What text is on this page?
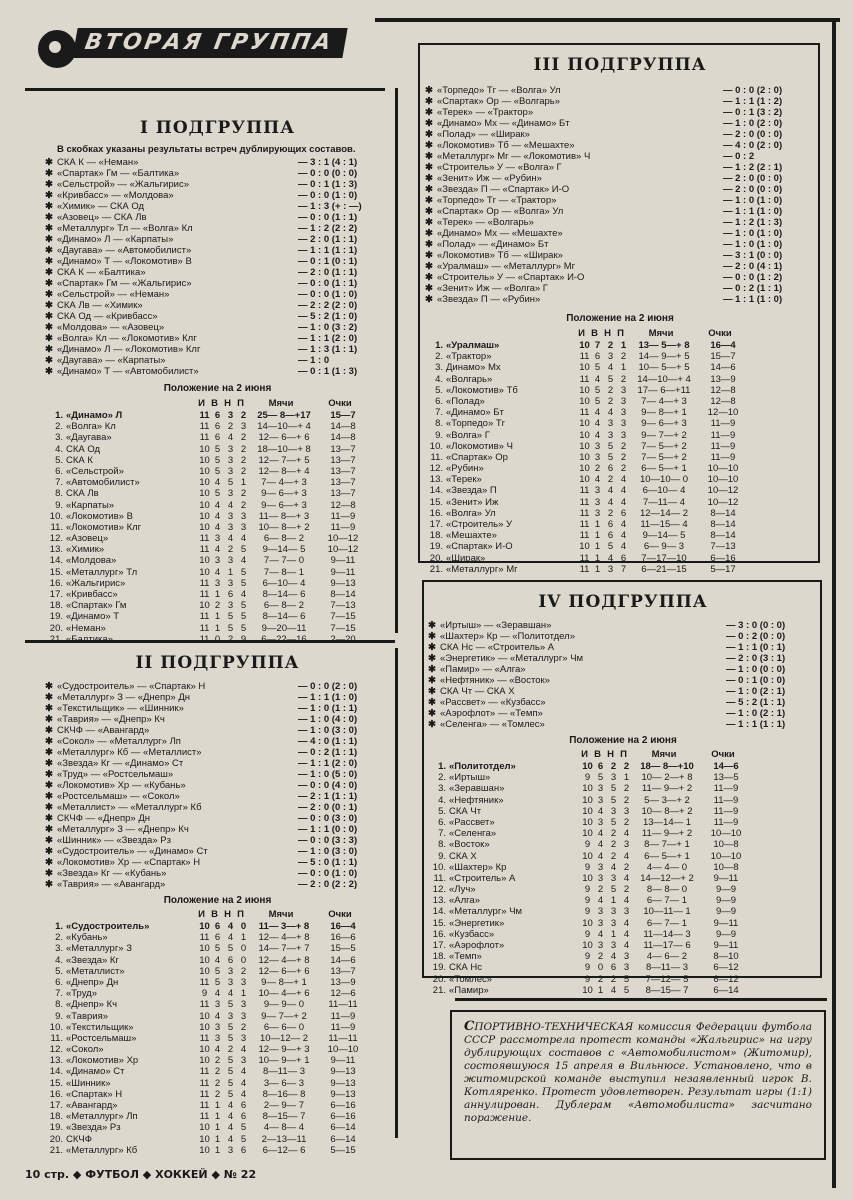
ВТОРАЯ ГРУППА
I ПОДГРУППА
В скобках указаны результаты встреч дублирующих составов.
✱ СКА К — «Неман»	— 3 : 1 (4 : 1)
✱ «Спартак» Гм — «Балтика»	— 0 : 0 (0 : 0)
✱ «Сельстрой» — «Жальгирис»	— 0 : 1 (1 : 3)
✱ «Кривбасс» — «Молдова»	— 0 : 0 (1 : 0)
✱ «Химик» — СКА Од	— 1 : 3 (+ : —)
✱ «Азовец» — СКА Лв	— 0 : 0 (1 : 1)
✱ «Металлург» Тл — «Волга» Кл	— 1 : 2 (2 : 2)
✱ «Динамо» Л — «Карпаты»	— 2 : 0 (1 : 1)
✱ «Даугава» — «Автомобилист»	— 1 : 1 (1 : 1)
✱ «Динамо» Т — «Локомотив» В	— 0 : 1 (0 : 1)
✱ СКА К — «Балтика»	— 2 : 0 (1 : 1)
✱ «Спартак» Гм — «Жальгирис»	— 0 : 0 (1 : 1)
✱ «Сельстрой» — «Неман»	— 0 : 0 (1 : 0)
✱ СКА Лв — «Химик»	— 2 : 2 (2 : 0)
✱ СКА Од — «Кривбасс»	— 5 : 2 (1 : 0)
✱ «Молдова» — «Азовец»	— 1 : 0 (3 : 2)
✱ «Волга» Кл — «Локомотив» Клг	— 1 : 1 (2 : 0)
✱ «Динамо» Л — «Локомотив» Клг	— 1 : 3 (1 : 1)
✱ «Даугава» — «Карпаты»	— 1 : 0
✱ «Динамо» Т — «Автомобилист»	— 0 : 1 (1 : 3)
Положение на 2 июня
И В Н П	Мячи	Очки
1. «Динамо» Л	11 6 3 2	25— 8—+17	15—7
2. «Волга» Кл	11 6 2 3	14—10—+ 4	14—8
3. «Даугава»	11 6 4 2	12— 6—+ 6	14—8
4. СКА Од	10 5 3 2	18—10—+ 8	13—7
5. СКА К	10 5 3 2	12— 7—+ 5	13—7
6. «Сельстрой»	10 5 3 2	12— 8—+ 4	13—7
7. «Автомобилист»	10 4 5 1	7— 4—+ 3	13—7
8. СКА Лв	10 5 3 2	9— 6—+ 3	13—7
9. «Карпаты»	10 4 4 2	9— 6—+ 3	12—8
10. «Локомотив» В	10 4 3 3	11— 8—+ 3	11—9
11. «Локомотив» Клг	10 4 3 3	10— 8—+ 2	11—9
12. «Азовец»	11 3 4 4	6— 8— 2	10—12
13. «Химик»	11 4 2 5	9—14— 5	10—12
14. «Молдова»	10 3 3 4	7— 7— 0	9—11
15. «Металлург» Тл	10 4 1 5	7— 8— 1	9—11
16. «Жальгирис»	11 3 3 5	6—10— 4	9—13
17. «Кривбасс»	11 1 6 4	8—14— 6	8—14
18. «Спартак» Гм	10 2 3 5	6— 8— 2	7—13
19. «Динамо» Т	11 1 5 5	8—14— 6	7—15
20. «Неман»	11 1 5 5	9—20—11	7—15
21. «Балтика»	11 0 2 9	6—22—16	2—20
II ПОДГРУППА
✱ «Судостроитель» — «Спартак» Н	— 0 : 0 (2 : 0)
✱ «Металлург» З — «Днепр» Дн	— 1 : 1 (1 : 0)
✱ «Текстильщик» — «Шинник»	— 1 : 0 (1 : 1)
✱ «Таврия» — «Днепр» Кч	— 1 : 0 (4 : 0)
✱ СКЧФ — «Авангард»	— 1 : 0 (3 : 0)
✱ «Сокол» — «Металлург» Лп	— 4 : 0 (1 : 1)
✱ «Металлург» Кб — «Металлист»	— 0 : 2 (1 : 1)
✱ «Звезда» Кг — «Динамо» Ст	— 1 : 1 (2 : 0)
✱ «Труд» — «Ростсельмаш»	— 1 : 0 (5 : 0)
✱ «Локомотив» Хр — «Кубань»	— 0 : 0 (4 : 0)
✱ «Ростсельмаш» — «Сокол»	— 2 : 1 (1 : 1)
✱ «Металлист» — «Металлург» Кб	— 2 : 0 (0 : 1)
✱ СКЧФ — «Днепр» Дн	— 0 : 0 (3 : 0)
✱ «Металлург» З — «Днепр» Кч	— 1 : 1 (0 : 0)
✱ «Шинник» — «Звезда» Рз	— 0 : 0 (3 : 3)
✱ «Судостроитель» — «Динамо» Ст	— 1 : 0 (3 : 0)
✱ «Локомотив» Хр — «Спартак» Н	— 5 : 0 (1 : 1)
✱ «Звезда» Кг — «Кубань»	— 0 : 0 (1 : 0)
✱ «Таврия» — «Авангард»	— 2 : 0 (2 : 2)
Положение на 2 июня
И В Н П	Мячи	Очки
1. «Судостроитель»	10 6 4 0	11— 3—+ 8	16—4
2. «Кубань»	11 6 4 1	12— 4—+ 8	16—6
3. «Металлург» З	10 5 5 0	14— 7—+ 7	15—5
4. «Звезда» Кг	10 4 6 0	12— 4—+ 8	14—6
5. «Металлист»	10 5 3 2	12— 6—+ 6	13—7
6. «Днепр» Дн	11 5 3 3	9— 8—+ 1	13—9
7. «Труд»	9 4 4 1	10— 4—+ 6	12—6
8. «Днепр» Кч	11 3 5 3	9— 9— 0	11—11
9. «Таврия»	10 4 3 3	9— 7—+ 2	11—9
10. «Текстильщик»	10 3 5 2	6— 6— 0	11—9
11. «Ростсельмаш»	11 3 5 3	10—12— 2	11—11
12. «Сокол»	10 4 2 4	12— 9—+ 3	10—10
13. «Локомотив» Хр	10 2 5 3	10— 9—+ 1	9—11
14. «Динамо» Ст	11 2 5 4	8—11— 3	9—13
15. «Шинник»	11 2 5 4	3— 6— 3	9—13
16. «Спартак» Н	11 2 5 4	8—16— 8	9—13
17. «Авангард»	11 1 4 6	2— 9— 7	6—16
18. «Металлург» Лп	11 1 4 6	8—15— 7	6—16
19. «Звезда» Рз	10 1 4 5	4— 8— 4	6—14
20. СКЧФ	10 1 4 5	2—13—11	6—14
21. «Металлург» Кб	10 1 3 6	6—12— 6	5—15
III ПОДГРУППА
✱ «Торпедо» Тг — «Волга» Ул	— 0 : 0 (2 : 0)
✱ «Спартак» Ор — «Волгарь»	— 1 : 1 (1 : 2)
✱ «Терек» — «Трактор»	— 0 : 1 (3 : 2)
✱ «Динамо» Мх — «Динамо» Бт	— 1 : 0 (2 : 0)
✱ «Полад» — «Ширак»	— 2 : 0 (0 : 0)
✱ «Локомотив» Тб — «Мешахте»	— 4 : 0 (2 : 0)
✱ «Металлург» Мг — «Локомотив» Ч	— 0 : 2
✱ «Строитель» У — «Волга» Г	— 1 : 2 (2 : 1)
✱ «Зенит» Иж — «Рубин»	— 2 : 0 (0 : 0)
✱ «Звезда» П — «Спартак» И-О	— 2 : 0 (0 : 0)
✱ «Торпедо» Тг — «Трактор»	— 1 : 0 (1 : 0)
✱ «Спартак» Ор — «Волга» Ул	— 1 : 1 (1 : 0)
✱ «Терек» — «Волгарь»	— 1 : 2 (1 : 3)
✱ «Динамо» Мх — «Мешахте»	— 1 : 0 (1 : 0)
✱ «Полад» — «Динамо» Бт	— 1 : 0 (1 : 0)
✱ «Локомотив» Тб — «Ширак»	— 3 : 1 (0 : 0)
✱ «Уралмаш» — «Металлург» Мг	— 2 : 0 (4 : 1)
✱ «Строитель» У — «Спартак» И-О	— 0 : 0 (1 : 2)
✱ «Зенит» Иж — «Волга» Г	— 0 : 2 (1 : 1)
✱ «Звезда» П — «Рубин»	— 1 : 1 (1 : 0)
Положение на 2 июня
И В Н П	Мячи	Очки
1. «Уралмаш»	10 7 2 1	13— 5—+ 8	16—4
2. «Трактор»	11 6 3 2	14— 9—+ 5	15—7
3. Динамо» Мх	10 5 4 1	10— 5—+ 5	14—6
4. «Волгарь»	11 4 5 2	14—10—+ 4	13—9
5. «Локомотив» Тб	10 5 2 3	17— 6—+11	12—8
6. «Полад»	10 5 2 3	7— 4—+ 3	12—8
7. «Динамо» Бт	11 4 4 3	9— 8—+ 1	12—10
8. «Торпедо» Тг	10 4 3 3	9— 6—+ 3	11—9
9. «Волга» Г	10 4 3 3	9— 7—+ 2	11—9
10. «Локомотив» Ч	10 3 5 2	7— 5—+ 2	11—9
11. «Спартак» Ор	10 3 5 2	7— 5—+ 2	11—9
12. «Рубин»	10 2 6 2	6— 5—+ 1	10—10
13. «Терек»	10 4 2 4	10—10— 0	10—10
14. «Звезда» П	11 3 4 4	6—10— 4	10—12
15. «Зенит» Иж	11 3 4 4	7—11— 4	10—12
16. «Волга» Ул	11 3 2 6	12—14— 2	8—14
17. «Строитель» У	11 1 6 4	11—15— 4	8—14
18. «Мешахте»	11 1 6 4	9—14— 5	8—14
19. «Спартак» И-О	10 1 5 4	6— 9— 3	7—13
20. «Ширак»	11 1 4 6	7—17—10	6—16
21. «Металлург» Мг	11 1 3 7	6—21—15	5—17
IV ПОДГРУППА
✱ «Иртыш» — «Зеравшан»	— 3 : 0 (0 : 0)
✱ «Шахтер» Кр — «Политотдел»	— 0 : 2 (0 : 0)
✱ СКА Нс — «Строитель» А	— 1 : 1 (0 : 1)
✱ «Энергетик» — «Металлург» Чм	— 2 : 0 (3 : 1)
✱ «Памир» — «Алга»	— 1 : 0 (0 : 0)
✱ «Нефтяник» — «Восток»	— 0 : 1 (0 : 0)
✱ СКА Чт — СКА Х	— 1 : 0 (2 : 1)
✱ «Рассвет» — «Кузбасс»	— 5 : 2 (1 : 1)
✱ «Аэрофлот» — «Темп»	— 1 : 0 (2 : 1)
✱ «Селенга» — «Томлес»	— 1 : 1 (1 : 1)
Положение на 2 июня
И В Н П	Мячи	Очки
1. «Политотдел»	10 6 2 2	18— 8—+10	14—6
2. «Иртыш»	9 5 3 1	10— 2—+ 8	13—5
3. «Зеравшан»	10 3 5 2	11— 9—+ 2	11—9
4. «Нефтяник»	10 3 5 2	5— 3—+ 2	11—9
5. СКА Чт	10 4 3 3	10— 8—+ 2	11—9
6. «Рассвет»	10 3 5 2	13—14— 1	11—9
7. «Селенга»	10 4 2 4	11— 9—+ 2	10—10
8. «Восток»	9 4 2 3	8— 7—+ 1	10—8
9. СКА Х	10 4 2 4	6— 5—+ 1	10—10
10. «Шахтер» Кр	9 3 4 2	4— 4— 0	10—8
11. «Строитель» А	10 3 3 4	14—12—+ 2	9—11
12. «Луч»	9 2 5 2	8— 8— 0	9—9
13. «Алга»	9 4 1 4	6— 7— 1	9—9
14. «Металлург» Чм	9 3 3 3	10—11— 1	9—9
15. «Энергетик»	10 3 3 4	6— 7— 1	9—11
16. «Кузбасс»	9 4 1 4	11—14— 3	9—9
17. «Аэрофлот»	10 3 3 4	11—17— 6	9—11
18. «Темп»	9 2 4 3	4— 6— 2	8—10
19. СКА Нс	9 0 6 3	8—11— 3	6—12
20. «Томлес»	9 2 2 5	7—12— 5	6—12
21. «Памир»	10 1 4 5	8—15— 7	6—14
СПОРТИВНО-ТЕХНИЧЕСКАЯ комиссия Федерации футбола СССР рассмотрела протест команды «Жальгирис» на игру дублирующих составов с «Автомобилистом» (Житомир), состоявшуюся 15 апреля в Вильнюсе. Установлено, что в житомирской команде выступил незаявленный игрок В. Котляренко. Протест удовлетворен. Результат игры (1:1) аннулирован. Дублерам «Автомобилиста» засчитано поражение.
10 стр. ◆ ФУТБОЛ ◆ ХОККЕЙ ◆ № 22
